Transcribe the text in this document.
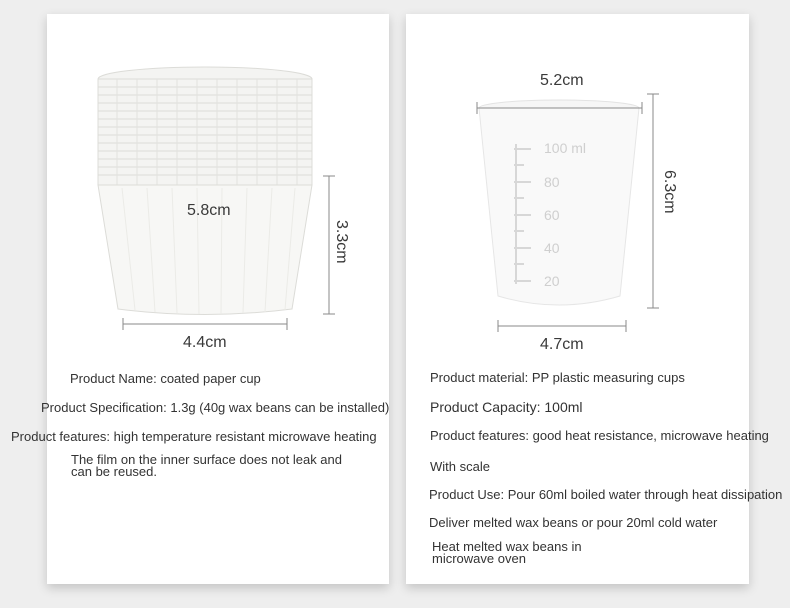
5.8cm
3.3cm
4.4cm
Product Name: coated paper cup
Product Specification: 1.3g (40g wax beans can be installed)
Product features: high temperature resistant microwave heating
The film on the inner surface does not leak and can be reused.
100 ml
80
60
40
20
5.2cm
6.3cm
4.7cm
Product material: PP plastic measuring cups
Product Capacity: 100ml
Product features: good heat resistance, microwave heating
With scale
Product Use: Pour 60ml boiled water through heat dissipation
Deliver melted wax beans or pour 20ml cold water
Heat melted wax beans in microwave oven
